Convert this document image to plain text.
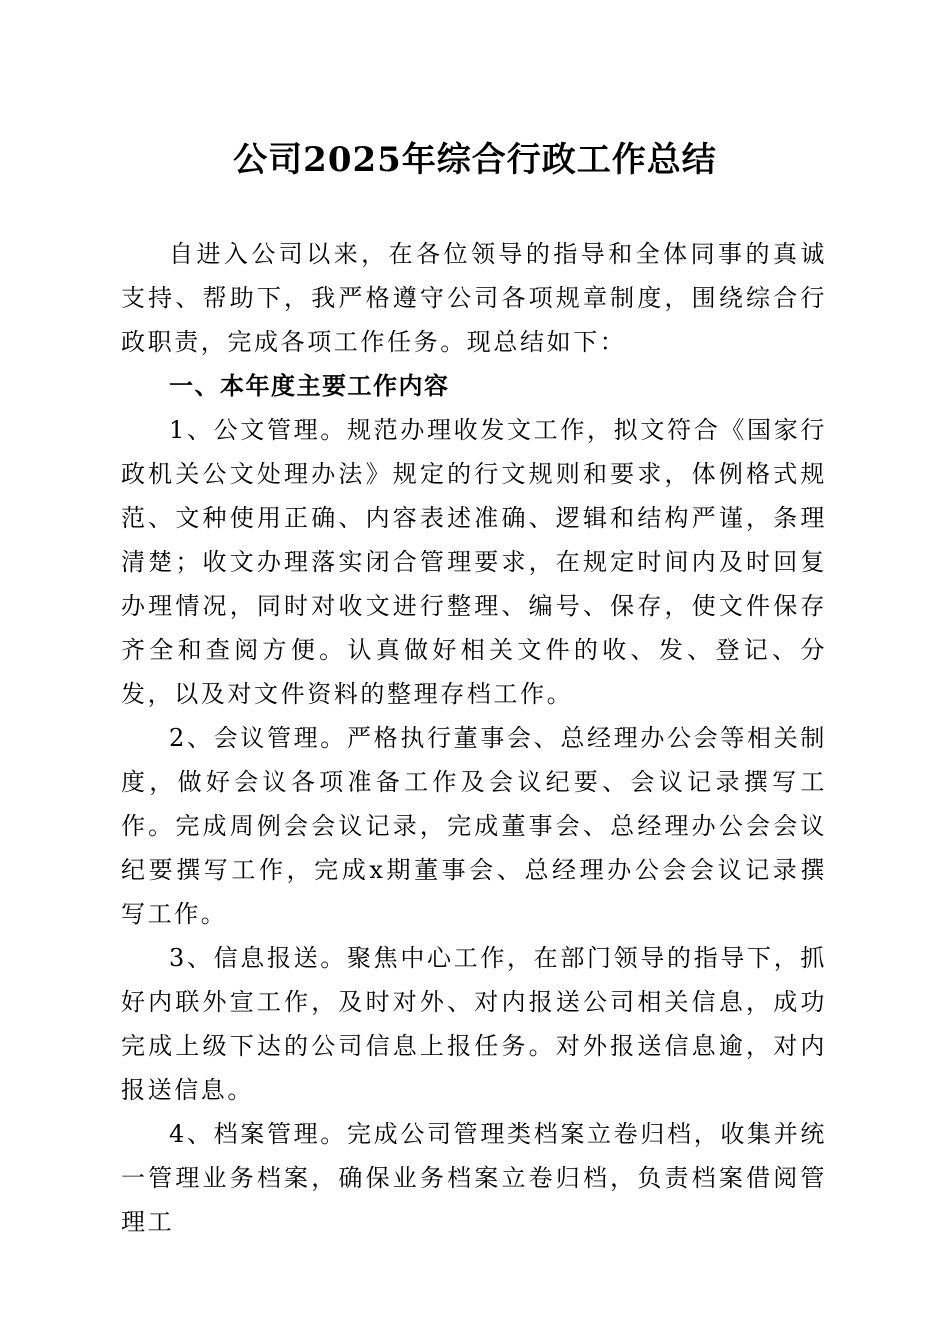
公司2025年综合行政工作总结

自进入公司以来，在各位领导的指导和全体同事的真诚支持、帮助下，我严格遵守公司各项规章制度，围绕综合行政职责，完成各项工作任务。现总结如下：

一、本年度主要工作内容

1、公文管理。规范办理收发文工作，拟文符合《国家行政机关公文处理办法》规定的行文规则和要求，体例格式规范、文种使用正确、内容表述准确、逻辑和结构严谨，条理清楚；收文办理落实闭合管理要求，在规定时间内及时回复办理情况，同时对收文进行整理、编号、保存，使文件保存齐全和查阅方便。认真做好相关文件的收、发、登记、分发，以及对文件资料的整理存档工作。

2、会议管理。严格执行董事会、总经理办公会等相关制度，做好会议各项准备工作及会议纪要、会议记录撰写工作。完成周例会会议记录，完成董事会、总经理办公会会议纪要撰写工作，完成x期董事会、总经理办公会会议记录撰写工作。

3、信息报送。聚焦中心工作，在部门领导的指导下，抓好内联外宣工作，及时对外、对内报送公司相关信息，成功完成上级下达的公司信息上报任务。对外报送信息逾，对内报送信息。

4、档案管理。完成公司管理类档案立卷归档，收集并统一管理业务档案，确保业务档案立卷归档，负责档案借阅管理工
